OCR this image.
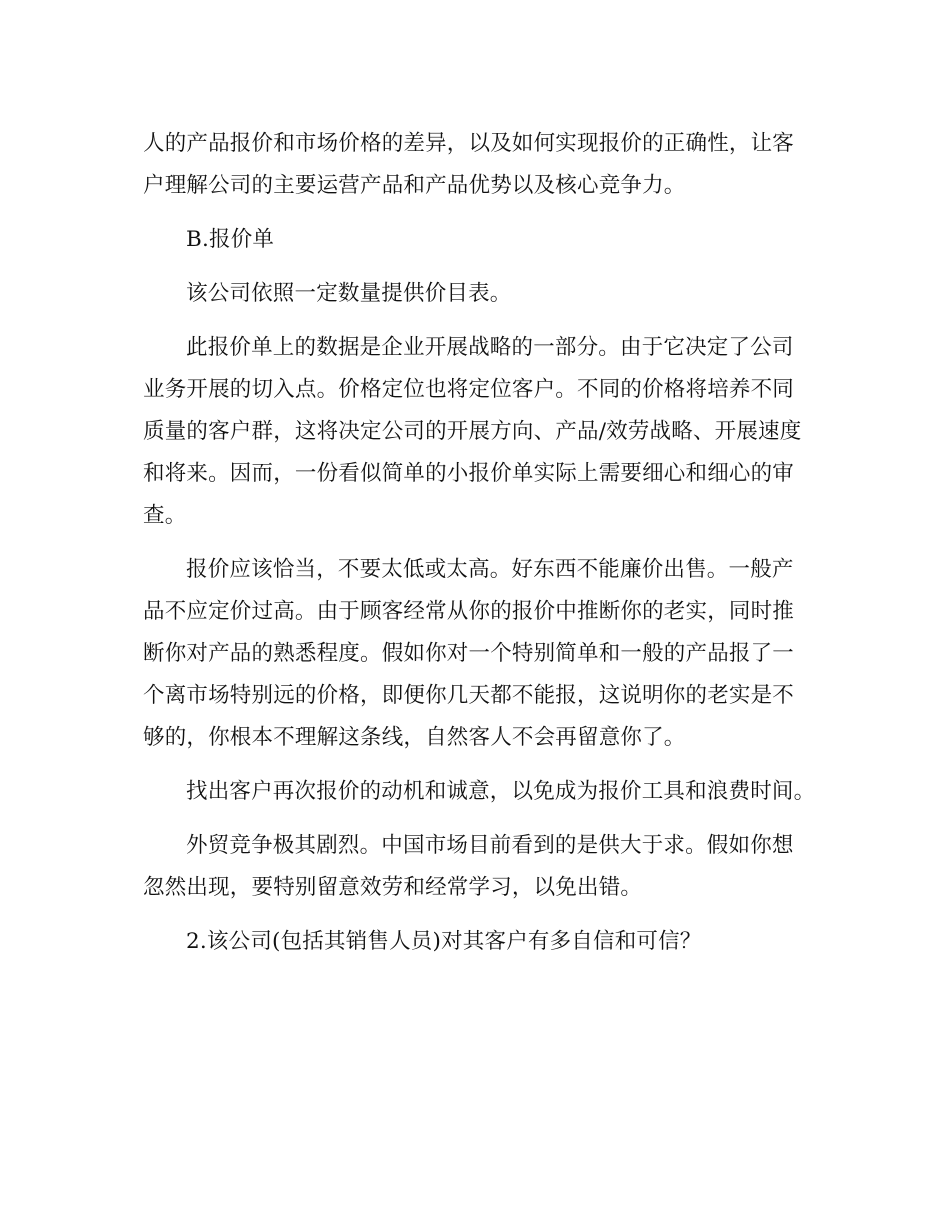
人的产品报价和市场价格的差异，以及如何实现报价的正确性，让客
户理解公司的主要运营产品和产品优势以及核心竞争力。

B.报价单

该公司依照一定数量提供价目表。

此报价单上的数据是企业开展战略的一部分。由于它决定了公司
业务开展的切入点。价格定位也将定位客户。不同的价格将培养不同
质量的客户群，这将决定公司的开展方向、产品/效劳战略、开展速度
和将来。因而，一份看似简单的小报价单实际上需要细心和细心的审
查。

报价应该恰当，不要太低或太高。好东西不能廉价出售。一般产
品不应定价过高。由于顾客经常从你的报价中推断你的老实，同时推
断你对产品的熟悉程度。假如你对一个特别简单和一般的产品报了一
个离市场特别远的价格，即便你几天都不能报，这说明你的老实是不
够的，你根本不理解这条线，自然客人不会再留意你了。

找出客户再次报价的动机和诚意，以免成为报价工具和浪费时间。

外贸竞争极其剧烈。中国市场目前看到的是供大于求。假如你想
忽然出现，要特别留意效劳和经常学习，以免出错。

2.该公司(包括其销售人员)对其客户有多自信和可信？
